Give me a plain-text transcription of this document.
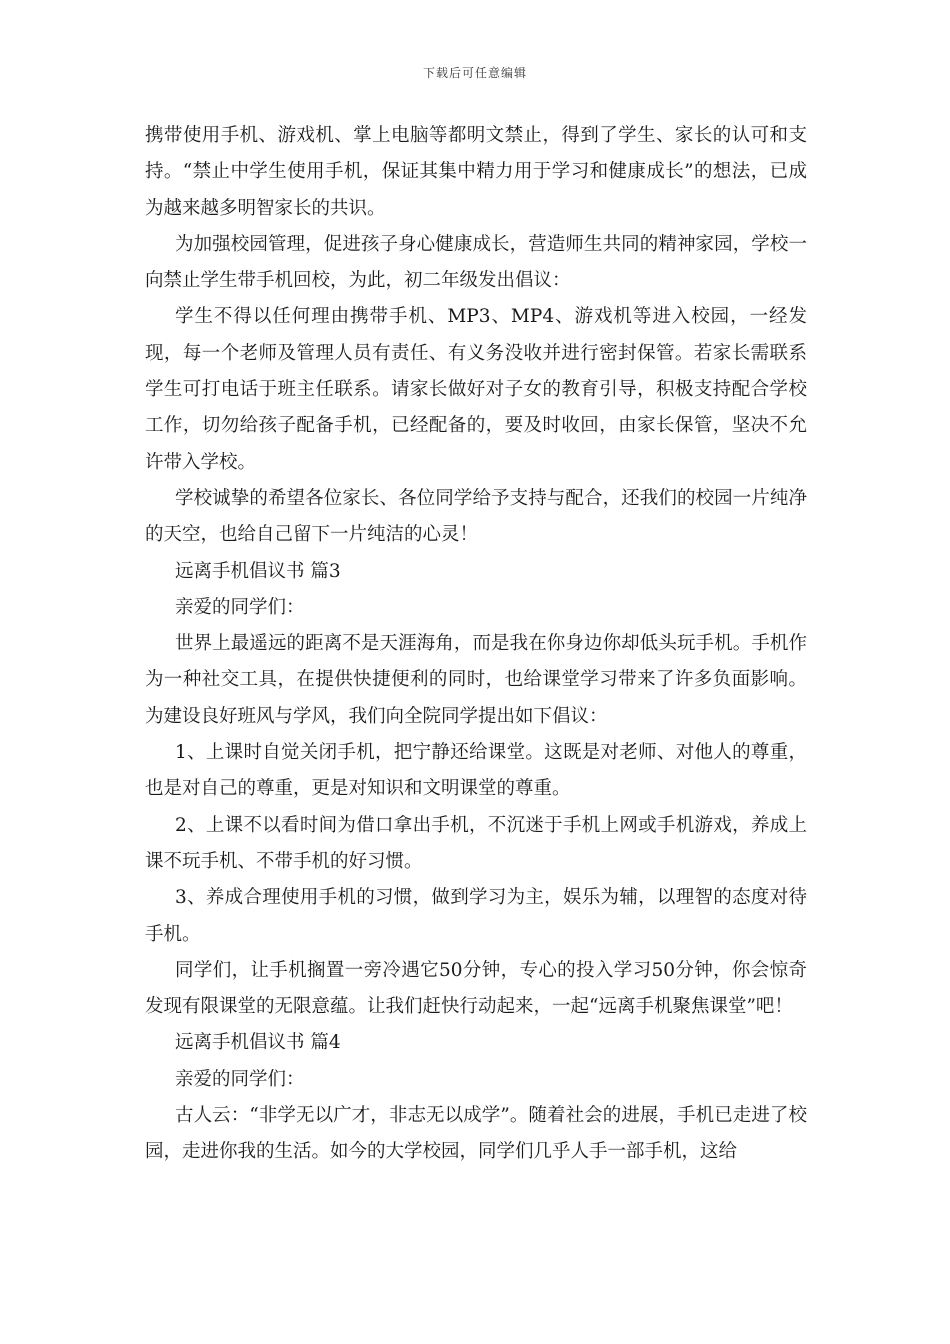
下载后可任意编辑

携带使用手机、游戏机、掌上电脑等都明文禁止，得到了学生、家长的认可和支持。“禁止中学生使用手机，保证其集中精力用于学习和健康成长”的想法，已成为越来越多明智家长的共识。

为加强校园管理，促进孩子身心健康成长，营造师生共同的精神家园，学校一向禁止学生带手机回校，为此，初二年级发出倡议：

学生不得以任何理由携带手机、MP3、MP4、游戏机等进入校园，一经发现，每一个老师及管理人员有责任、有义务没收并进行密封保管。若家长需联系学生可打电话于班主任联系。请家长做好对子女的教育引导，积极支持配合学校工作，切勿给孩子配备手机，已经配备的，要及时收回，由家长保管，坚决不允许带入学校。

学校诚挚的希望各位家长、各位同学给予支持与配合，还我们的校园一片纯净的天空，也给自己留下一片纯洁的心灵！

远离手机倡议书 篇3

亲爱的同学们：

世界上最遥远的距离不是天涯海角，而是我在你身边你却低头玩手机。手机作为一种社交工具，在提供快捷便利的同时，也给课堂学习带来了许多负面影响。为建设良好班风与学风，我们向全院同学提出如下倡议：

1、上课时自觉关闭手机，把宁静还给课堂。这既是对老师、对他人的尊重，也是对自己的尊重，更是对知识和文明课堂的尊重。

2、上课不以看时间为借口拿出手机，不沉迷于手机上网或手机游戏，养成上课不玩手机、不带手机的好习惯。

3、养成合理使用手机的习惯，做到学习为主，娱乐为辅，以理智的态度对待手机。

同学们，让手机搁置一旁冷遇它50分钟，专心的投入学习50分钟，你会惊奇发现有限课堂的无限意蕴。让我们赶快行动起来，一起“远离手机聚焦课堂”吧！

远离手机倡议书 篇4

亲爱的同学们：

古人云：“非学无以广才，非志无以成学”。随着社会的进展，手机已走进了校园，走进你我的生活。如今的大学校园，同学们几乎人手一部手机，这给
